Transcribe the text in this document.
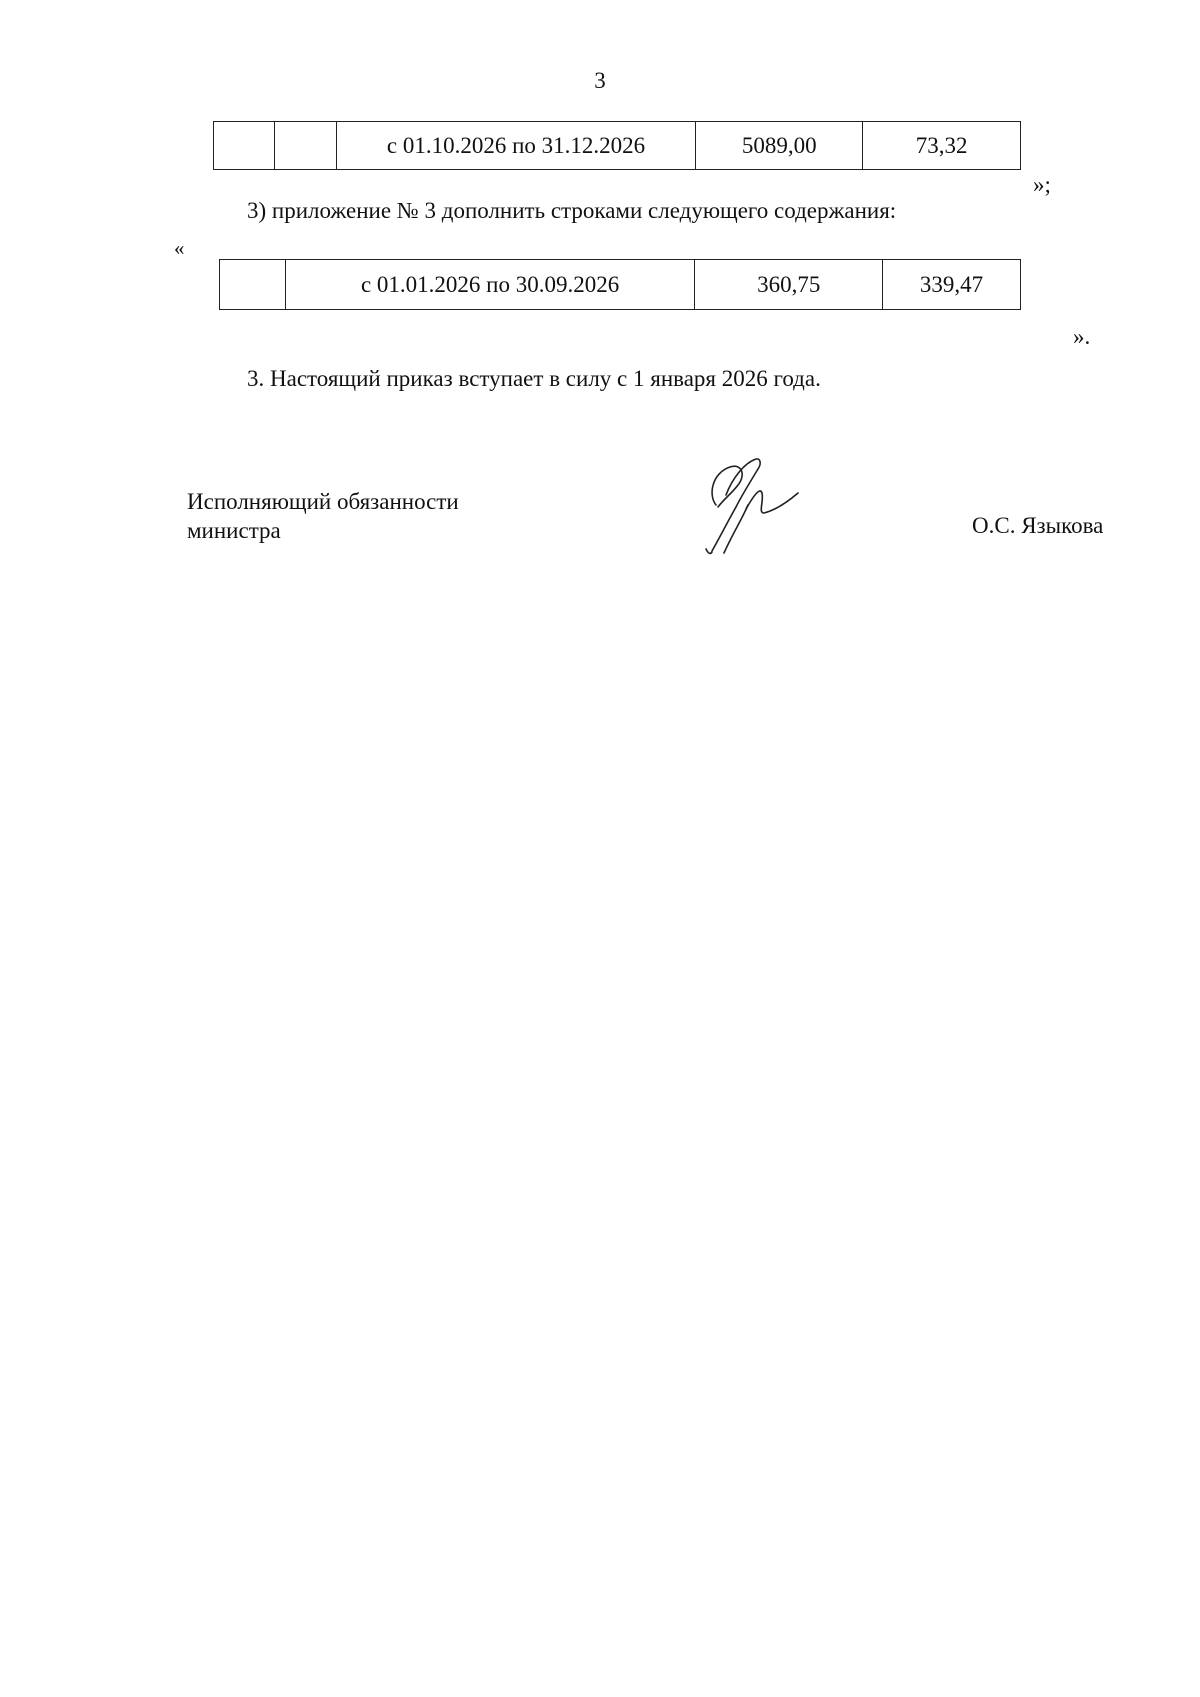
3
		с 01.10.2026 по 31.12.2026	5089,00	73,32
»;
3) приложение № 3 дополнить строками следующего содержания:
«
	с 01.01.2026 по 30.09.2026	360,75	339,47
».
3. Настоящий приказ вступает в силу с 1 января 2026 года.
Исполняющий обязанности
министра	О.С. Языкова
